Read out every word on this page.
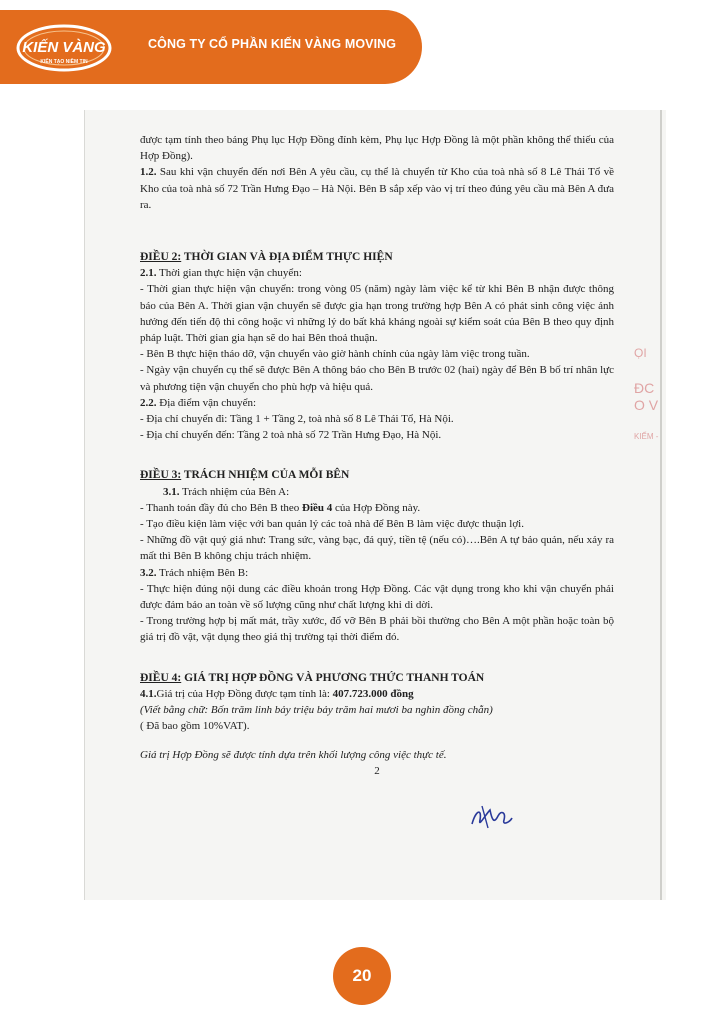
KIẾN VÀNG
KIẾN TẠO NIỀM TIN
CÔNG TY CỔ PHẦN KIẾN VÀNG MOVING

được tạm tính theo bảng Phụ lục Hợp Đồng đính kèm, Phụ lục Hợp Đồng là một phần không thể thiếu của Hợp Đồng).

1.2. Sau khi vận chuyển đến nơi Bên A yêu cầu, cụ thể là chuyển từ Kho của toà nhà số 8 Lê Thái Tổ về Kho của toà nhà số 72 Trần Hưng Đạo – Hà Nội. Bên B sắp xếp vào vị trí theo đúng yêu cầu mà Bên A đưa ra.

ĐIỀU 2: THỜI GIAN VÀ ĐỊA ĐIỂM THỰC HIỆN

2.1. Thời gian thực hiện vận chuyển:

- Thời gian thực hiện vận chuyển: trong vòng 05 (năm) ngày làm việc kể từ khi Bên B nhận được thông báo của Bên A. Thời gian vận chuyển sẽ được gia hạn trong trường hợp Bên A có phát sinh công việc ảnh hưởng đến tiến độ thi công hoặc vì những lý do bất khả kháng ngoài sự kiểm soát của Bên B theo quy định pháp luật. Thời gian gia hạn sẽ do hai Bên thoả thuận.

- Bên B thực hiện tháo dỡ, vận chuyển vào giờ hành chính của ngày làm việc trong tuần.

- Ngày vận chuyển cụ thể sẽ được Bên A thông báo cho Bên B trước 02 (hai) ngày để Bên B bố trí nhân lực và phương tiện vận chuyển cho phù hợp và hiệu quả.

2.2. Địa điểm vận chuyển:

- Địa chỉ chuyển đi: Tầng 1 + Tầng 2, toà nhà số 8 Lê Thái Tổ, Hà Nội.

- Địa chỉ chuyển đến: Tầng 2 toà nhà số 72 Trần Hưng Đạo, Hà Nội.

ĐIỀU 3: TRÁCH NHIỆM CỦA MỖI BÊN

3.1. Trách nhiệm của Bên A:

- Thanh toán đầy đủ cho Bên B theo Điều 4 của Hợp Đồng này.

- Tạo điều kiện làm việc với ban quản lý các toà nhà để Bên B làm việc được thuận lợi.

- Những đồ vật quý giá như: Trang sức, vàng bạc, đá quý, tiền tệ (nếu có)….Bên A tự bảo quản, nếu xảy ra mất thì Bên B không chịu trách nhiệm.

3.2. Trách nhiệm Bên B:

- Thực hiện đúng nội dung các điều khoản trong Hợp Đồng. Các vật dụng trong kho khi vận chuyển phải được đảm bảo an toàn về số lượng cũng như chất lượng khi di dời.

- Trong trường hợp bị mất mát, trầy xước, đổ vỡ Bên B phải bồi thường cho Bên A một phần hoặc toàn bộ giá trị đồ vật, vật dụng theo giá thị trường tại thời điểm đó.

ĐIỀU 4: GIÁ TRỊ HỢP ĐỒNG VÀ PHƯƠNG THỨC THANH TOÁN

4.1.Giá trị của Hợp Đồng được tạm tính là: 407.723.000 đồng

(Viết bằng chữ: Bốn trăm linh bảy triệu bảy trăm hai mươi ba nghìn đồng chẵn)

( Đã bao gồm 10%VAT).

Giá trị Hợp Đồng sẽ được tính dựa trên khối lượng công việc thực tế.

2

ỌI
ĐC
O V
KIẾM -
20
